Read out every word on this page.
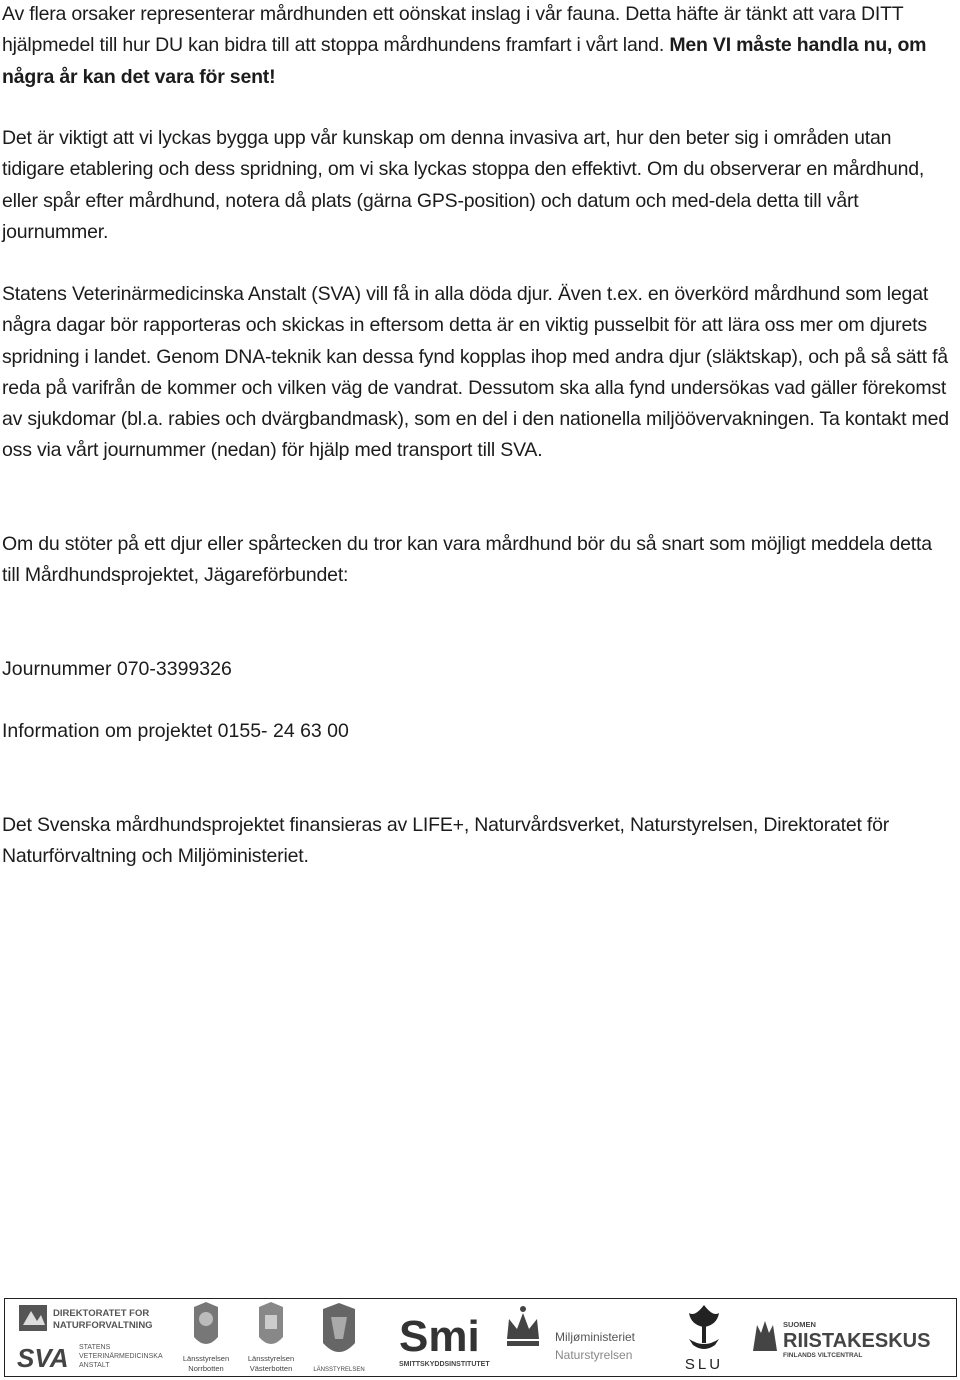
Av flera orsaker representerar mårdhunden ett oönskat inslag i vår fauna. Detta häfte är tänkt att vara DITT hjälpmedel till hur DU kan bidra till att stoppa mårdhundens framfart i vårt land. Men VI måste handla nu, om några år kan det vara för sent!

Det är viktigt att vi lyckas bygga upp vår kunskap om denna invasiva art, hur den beter sig i områden utan tidigare etablering och dess spridning, om vi ska lyckas stoppa den effektivt. Om du observerar en mårdhund, eller spår efter mårdhund, notera då plats (gärna GPS-position) och datum och med-dela detta till vårt journummer.

Statens Veterinärmedicinska Anstalt (SVA) vill få in alla döda djur. Även t.ex. en överkörd mårdhund som legat några dagar bör rapporteras och skickas in eftersom detta är en viktig pusselbit för att lära oss mer om djurets spridning i landet. Genom DNA-teknik kan dessa fynd kopplas ihop med andra djur (släktskap), och på så sätt få reda på varifrån de kommer och vilken väg de vandrat. Dessutom ska alla fynd undersökas vad gäller förekomst av sjukdomar (bl.a. rabies och dvärgbandmask), som en del i den nationella miljöövervakningen. Ta kontakt med oss via vårt journummer (nedan) för hjälp med transport till SVA.

Om du stöter på ett djur eller spårtecken du tror kan vara mårdhund bör du så snart som möjligt meddela detta till Mårdhundsprojektet, Jägareförbundet:

Journummer 070-3399326

Information om projektet 0155- 24 63 00

Det Svenska mårdhundsprojektet finansieras av LIFE+, Naturvårdsverket, Naturstyrelsen, Direktoratet för Naturförvaltning och Miljöministeriet.

DIREKTORATET FOR
NATURFORVALTNING
SVA STATENS
VETERINÄRMEDICINSKA
ANSTALT
Länsstyrelsen
Norrbotten
Länsstyrelsen
Västerbotten	LÄNSSTYRELSEN
Smi
SMITTSKYDDSINSTITUTET
Miljøministeriet
Naturstyrelsen
SLU
SUOMEN
RIISTAKESKUS
FINLANDS VILTCENTRAL
